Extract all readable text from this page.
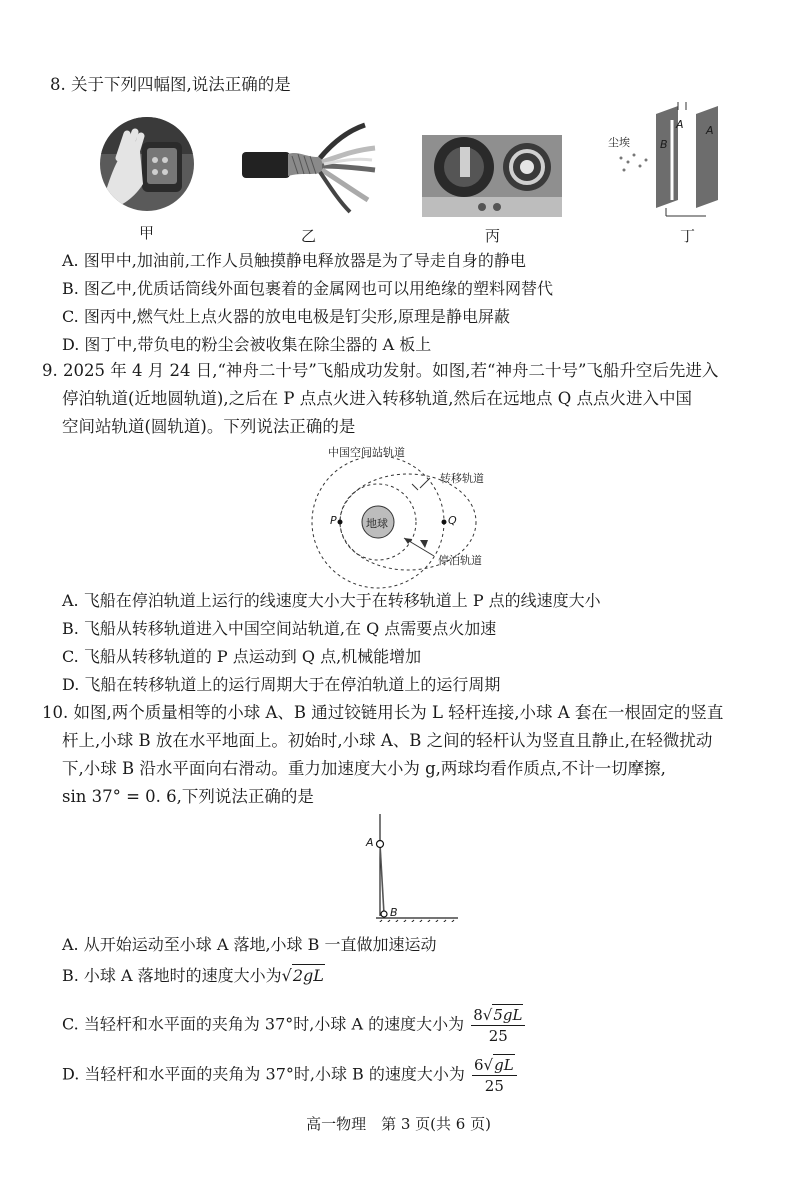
8. 关于下列四幅图,说法正确的是
甲	乙	丙
尘埃
A A
B
丁
A. 图甲中,加油前,工作人员触摸静电释放器是为了导走自身的静电
B. 图乙中,优质话筒线外面包裹着的金属网也可以用绝缘的塑料网替代
C. 图丙中,燃气灶上点火器的放电电极是钉尖形,原理是静电屏蔽
D. 图丁中,带负电的粉尘会被收集在除尘器的 A 板上
9. 2025 年 4 月 24 日,“神舟二十号”飞船成功发射。如图,若“神舟二十号”飞船升空后先进入
停泊轨道(近地圆轨道),之后在 P 点点火进入转移轨道,然后在远地点 Q 点点火进入中国
空间站轨道(圆轨道)。下列说法正确的是
中国空间站轨道
转移轨道
地球
P	Q
停泊轨道
A. 飞船在停泊轨道上运行的线速度大小大于在转移轨道上 P 点的线速度大小
B. 飞船从转移轨道进入中国空间站轨道,在 Q 点需要点火加速
C. 飞船从转移轨道的 P 点运动到 Q 点,机械能增加
D. 飞船在转移轨道上的运行周期大于在停泊轨道上的运行周期
10. 如图,两个质量相等的小球 A、B 通过铰链用长为 L 轻杆连接,小球 A 套在一根固定的竖直
杆上,小球 B 放在水平地面上。初始时,小球 A、B 之间的轻杆认为竖直且静止,在轻微扰动
下,小球 B 沿水平面向右滑动。重力加速度大小为 g,两球均看作质点,不计一切摩擦,
sin 37° = 0. 6,下列说法正确的是
A
B
A. 从开始运动至小球 A 落地,小球 B 一直做加速运动
B. 小球 A 落地时的速度大小为√2gL
C. 当轻杆和水平面的夹角为 37°时,小球 A 的速度大小为 $\frac{8√5gL}{25}$
D. 当轻杆和水平面的夹角为 37°时,小球 B 的速度大小为 $\frac{6√gL}{25}$
高一物理　第 3 页(共 6 页)
